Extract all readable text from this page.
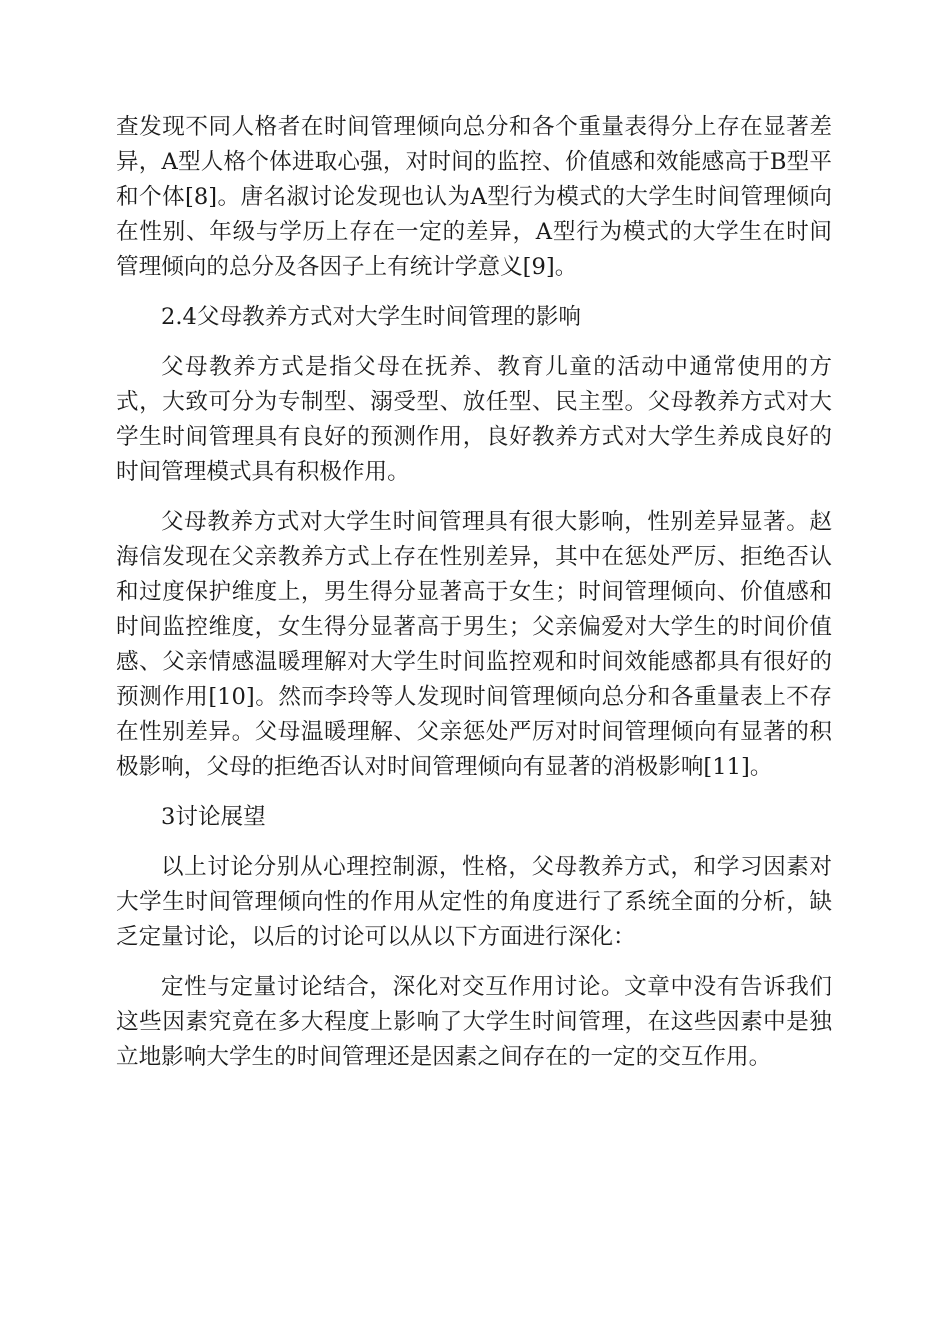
查发现不同人格者在时间管理倾向总分和各个重量表得分上存在显著差异，A型人格个体进取心强，对时间的监控、价值感和效能感高于B型平和个体[8]。唐名淑讨论发现也认为A型行为模式的大学生时间管理倾向在性别、年级与学历上存在一定的差异，A型行为模式的大学生在时间管理倾向的总分及各因子上有统计学意义[9]。

2.4父母教养方式对大学生时间管理的影响

父母教养方式是指父母在抚养、教育儿童的活动中通常使用的方式，大致可分为专制型、溺受型、放任型、民主型。父母教养方式对大学生时间管理具有良好的预测作用，良好教养方式对大学生养成良好的时间管理模式具有积极作用。

父母教养方式对大学生时间管理具有很大影响，性别差异显著。赵海信发现在父亲教养方式上存在性别差异，其中在惩处严厉、拒绝否认和过度保护维度上，男生得分显著高于女生；时间管理倾向、价值感和时间监控维度，女生得分显著高于男生；父亲偏爱对大学生的时间价值感、父亲情感温暖理解对大学生时间监控观和时间效能感都具有很好的预测作用[10]。然而李玲等人发现时间管理倾向总分和各重量表上不存在性别差异。父母温暖理解、父亲惩处严厉对时间管理倾向有显著的积极影响，父母的拒绝否认对时间管理倾向有显著的消极影响[11]。

3讨论展望

以上讨论分别从心理控制源，性格，父母教养方式，和学习因素对大学生时间管理倾向性的作用从定性的角度进行了系统全面的分析，缺乏定量讨论，以后的讨论可以从以下方面进行深化：

定性与定量讨论结合，深化对交互作用讨论。文章中没有告诉我们这些因素究竟在多大程度上影响了大学生时间管理，在这些因素中是独立地影响大学生的时间管理还是因素之间存在的一定的交互作用。
